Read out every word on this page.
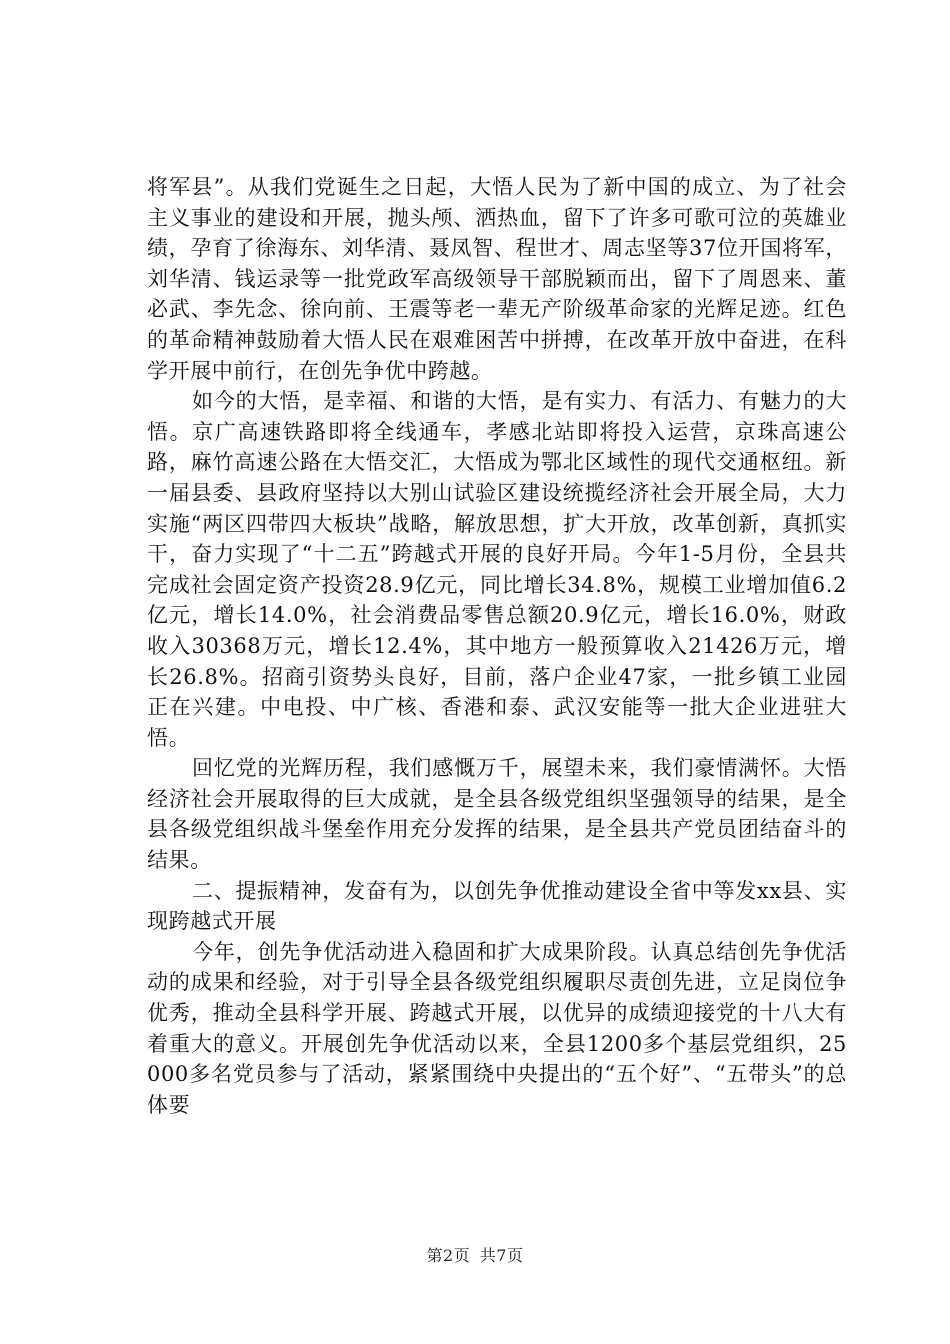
将军县”。从我们党诞生之日起，大悟人民为了新中国的成立、为了社会主义事业的建设和开展，抛头颅、洒热血，留下了许多可歌可泣的英雄业绩，孕育了徐海东、刘华清、聂凤智、程世才、周志坚等37位开国将军，刘华清、钱运录等一批党政军高级领导干部脱颖而出，留下了周恩来、董必武、李先念、徐向前、王震等老一辈无产阶级革命家的光辉足迹。红色的革命精神鼓励着大悟人民在艰难困苦中拼搏，在改革开放中奋进，在科学开展中前行，在创先争优中跨越。

如今的大悟，是幸福、和谐的大悟，是有实力、有活力、有魅力的大悟。京广高速铁路即将全线通车，孝感北站即将投入运营，京珠高速公路，麻竹高速公路在大悟交汇，大悟成为鄂北区域性的现代交通枢纽。新一届县委、县政府坚持以大别山试验区建设统揽经济社会开展全局，大力实施“两区四带四大板块”战略，解放思想，扩大开放，改革创新，真抓实干，奋力实现了“十二五”跨越式开展的良好开局。今年1-5月份，全县共完成社会固定资产投资28.9亿元，同比增长34.8%，规模工业增加值6.2亿元，增长14.0%，社会消费品零售总额20.9亿元，增长16.0%，财政收入30368万元，增长12.4%，其中地方一般预算收入21426万元，增长26.8%。招商引资势头良好，目前，落户企业47家，一批乡镇工业园正在兴建。中电投、中广核、香港和泰、武汉安能等一批大企业进驻大悟。

回忆党的光辉历程，我们感慨万千，展望未来，我们豪情满怀。大悟经济社会开展取得的巨大成就，是全县各级党组织坚强领导的结果，是全县各级党组织战斗堡垒作用充分发挥的结果，是全县共产党员团结奋斗的结果。

二、提振精神，发奋有为，以创先争优推动建设全省中等发xx县、实现跨越式开展

今年，创先争优活动进入稳固和扩大成果阶段。认真总结创先争优活动的成果和经验，对于引导全县各级党组织履职尽责创先进，立足岗位争优秀，推动全县科学开展、跨越式开展，以优异的成绩迎接党的十八大有着重大的意义。开展创先争优活动以来，全县1200多个基层党组织，25000多名党员参与了活动，紧紧围绕中央提出的“五个好”、“五带头”的总体要

第2页 共7页
